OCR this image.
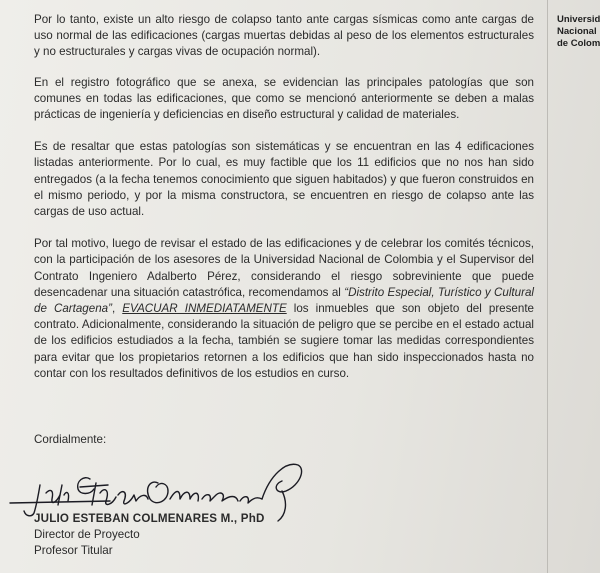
Universid
Nacional
de Colom

Por lo tanto, existe un alto riesgo de colapso tanto ante cargas sísmicas como ante cargas de uso normal de las edificaciones (cargas muertas debidas al peso de los elementos estructurales y no estructurales y cargas vivas de ocupación normal).

En el registro fotográfico que se anexa, se evidencian las principales patologías que son comunes en todas las edificaciones, que como se mencionó anteriormente se deben a malas prácticas de ingeniería y deficiencias en diseño estructural y calidad de materiales.

Es de resaltar que estas patologías son sistemáticas y se encuentran en las 4 edificaciones listadas anteriormente. Por lo cual, es muy factible que los 11 edificios que no nos han sido entregados (a la fecha tenemos conocimiento que siguen habitados) y que fueron construidos en el mismo periodo, y por la misma constructora, se encuentren en riesgo de colapso ante las cargas de uso actual.

Por tal motivo, luego de revisar el estado de las edificaciones y de celebrar los comités técnicos, con la participación de los asesores de la Universidad Nacional de Colombia y el Supervisor del Contrato Ingeniero Adalberto Pérez, considerando el riesgo sobreviniente que puede desencadenar una situación catastrófica, recomendamos al “Distrito Especial, Turístico y Cultural de Cartagena”, EVACUAR INMEDIATAMENTE los inmuebles que son objeto del presente contrato. Adicionalmente, considerando la situación de peligro que se percibe en el estado actual de los edificios estudiados a la fecha, también se sugiere tomar las medidas correspondientes para evitar que los propietarios retornen a los edificios que han sido inspeccionados hasta no contar con los resultados definitivos de los estudios en curso.

Cordialmente:
JULIO ESTEBAN COLMENARES M., PhD
Director de Proyecto
Profesor Titular
